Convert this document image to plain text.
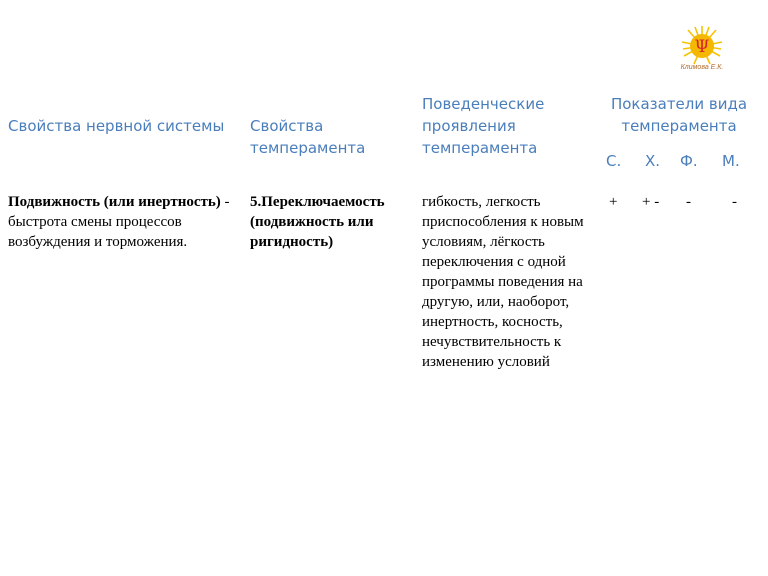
Ψ
Климова Е.К.
Свойства нервной системы	Свойства темперамента
Поведенческие проявления темперамента
Показатели вида темперамента
С. Х. Ф. М.
Подвижность (или инертность) - быстрота смены процессов возбуждения и торможения.
5.Переключаемость (подвижность или ригидность)
гибкость, легкость приспособления к новым условиям, лёгкость переключения с одной программы поведения на другую, или, наоборот, инертность, косность, нечувствительность к изменению условий
+ + - -	-
